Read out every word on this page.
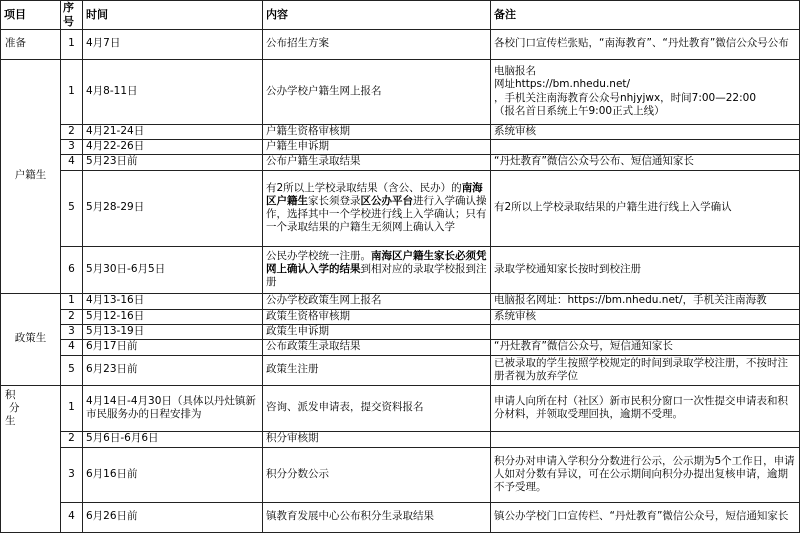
项目	序号	时间	内容	备注
准备	1	4月7日	公布招生方案	各校门口宣传栏张贴，“南海教育”、“丹灶教育”微信公众号公布
户籍生	1	4月8-11日	公办学校户籍生网上报名	电脑报名
网址https://bm.nhedu.net/
，手机关注南海教育公众号nhjyjwx，时间7:00—22:00
（报名首日系统上午9:00正式上线）

	2	4月21-24日	户籍生资格审核期	系统审核
	3	4月22-26日	户籍生申诉期	
	4	5月23日前	公布户籍生录取结果	“丹灶教育”微信公众号公布、短信通知家长
	5	5月28-29日	有2所以上学校录取结果（含公、民办）的南海区户籍生家长须登录区公办平台进行入学确认操作，选择其中一个学校进行线上入学确认；只有一个录取结果的户籍生无须网上确认入学	有2所以上学校录取结果的户籍生进行线上入学确认
	6	5月30日-6月5日	公民办学校统一注册。南海区户籍生家长必须凭网上确认入学的结果到相对应的录取学校报到注册	录取学校通知家长按时到校注册
政策生	1	4月13-16日	公办学校政策生网上报名	电脑报名网址：https://bm.nhedu.net/，手机关注南海教
	2	5月12-16日	政策生资格审核期	系统审核
	3	5月13-19日	政策生申诉期	
	4	6月17日前	公布政策生录取结果	“丹灶教育”微信公众号，短信通知家长
	5	6月23日前	政策生注册	已被录取的学生按照学校规定的时间到录取学校注册，不按时注册者视为放弃学位

积
分
生	1	4月14日-4月30日（具体以丹灶镇新市民服务办的日程安排为	咨询、派发申请表，提交资料报名	申请人向所在村（社区）新市民积分窗口一次性提交申请表和积分材料，并领取受理回执，逾期不受理。
	2	5月6日-6月6日	积分审核期	
	3	6月16日前	积分分数公示	积分办对申请入学积分分数进行公示，公示期为5个工作日，申请人如对分数有异议，可在公示期间向积分办提出复核申请，逾期不予受理。
	4	6月26日前	镇教育发展中心公布积分生录取结果	镇公办学校门口宣传栏、“丹灶教育”微信公众号，短信通知家长
